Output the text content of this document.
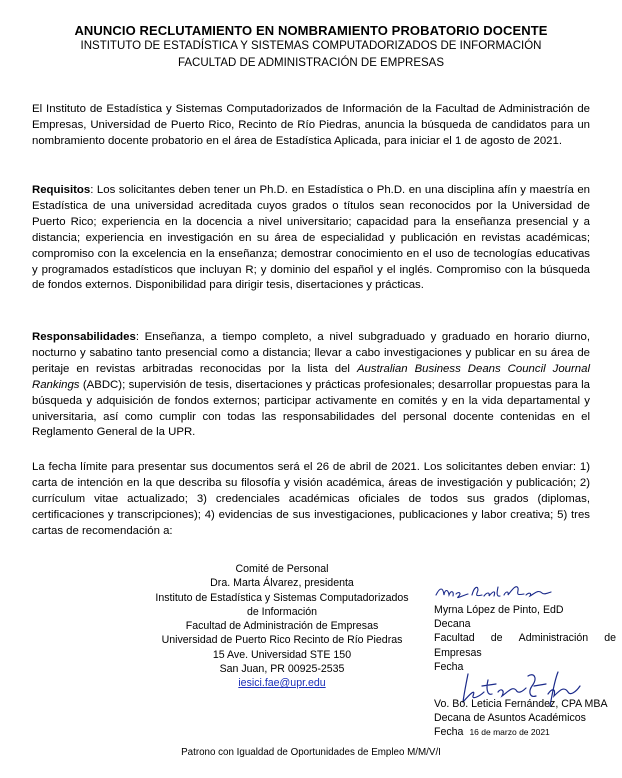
ANUNCIO RECLUTAMIENTO EN NOMBRAMIENTO PROBATORIO DOCENTE
INSTITUTO DE ESTADÍSTICA Y SISTEMAS COMPUTADORIZADOS DE INFORMACIÓN
FACULTAD DE ADMINISTRACIÓN DE EMPRESAS

El Instituto de Estadística y Sistemas Computadorizados de Información de la Facultad de Administración de Empresas, Universidad de Puerto Rico, Recinto de Río Piedras, anuncia la búsqueda de candidatos para un nombramiento docente probatorio en el área de Estadística Aplicada, para iniciar el 1 de agosto de 2021.

Requisitos: Los solicitantes deben tener un Ph.D. en Estadística o Ph.D. en una disciplina afín y maestría en Estadística de una universidad acreditada cuyos grados o títulos sean reconocidos por la Universidad de Puerto Rico; experiencia en la docencia a nivel universitario; capacidad para la enseñanza presencial y a distancia; experiencia en investigación en su área de especialidad y publicación en revistas académicas; compromiso con la excelencia en la enseñanza; demostrar conocimiento en el uso de tecnologías educativas y programados estadísticos que incluyan R; y dominio del español y el inglés. Compromiso con la búsqueda de fondos externos. Disponibilidad para dirigir tesis, disertaciones y prácticas.

Responsabilidades: Enseñanza, a tiempo completo, a nivel subgraduado y graduado en horario diurno, nocturno y sabatino tanto presencial como a distancia; llevar a cabo investigaciones y publicar en su área de peritaje en revistas arbitradas reconocidas por la lista del Australian Business Deans Council Journal Rankings (ABDC); supervisión de tesis, disertaciones y prácticas profesionales; desarrollar propuestas para la búsqueda y adquisición de fondos externos; participar activamente en comités y en la vida departamental y universitaria, así como cumplir con todas las responsabilidades del personal docente contenidas en el Reglamento General de la UPR.

La fecha límite para presentar sus documentos será el 26 de abril de 2021. Los solicitantes deben enviar: 1) carta de intención en la que describa su filosofía y visión académica, áreas de investigación y publicación; 2) currículum vitae actualizado; 3) credenciales académicas oficiales de todos sus grados (diplomas, certificaciones y transcripciones); 4) evidencias de sus investigaciones, publicaciones y labor creativa; 5) tres cartas de recomendación a:

Comité de Personal
Dra. Marta Álvarez, presidenta
Instituto de Estadística y Sistemas Computadorizados
de Información
Facultad de Administración de Empresas
Universidad de Puerto Rico Recinto de Río Piedras
15 Ave. Universidad STE 150
San Juan, PR 00925-2535
iesici.fae@upr.edu
Myrna López de Pinto, EdD
Decana
Facultad de Administración de
Empresas
Fecha
Vo. Bo. Leticia Fernández, CPA MBA
Decana de Asuntos Académicos
Fecha 16 de marzo de 2021
Patrono con Igualdad de Oportunidades de Empleo M/M/V/I
